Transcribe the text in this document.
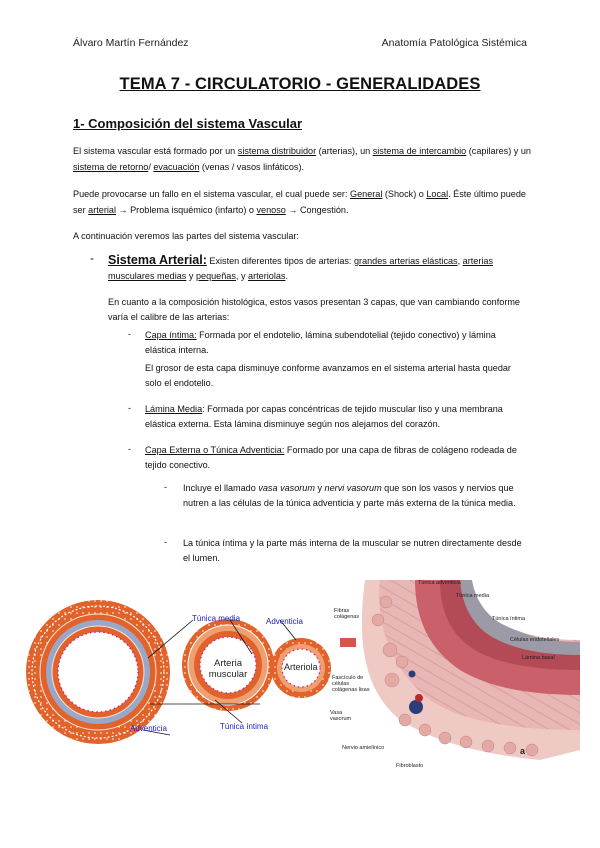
Álvaro Martín Fernández	Anatomía Patológica Sistémica
TEMA 7 - CIRCULATORIO - GENERALIDADES
1- Composición del sistema Vascular
El sistema vascular está formado por un sistema distribuidor (arterias), un sistema de intercambio (capilares) y un sistema de retorno/ evacuación (venas / vasos linfáticos).
Puede provocarse un fallo en el sistema vascular, el cual puede ser: General (Shock) o Local. Éste último puede ser arterial → Problema isquémico (infarto) o venoso → Congestión.
A continuación veremos las partes del sistema vascular:
- Sistema Arterial: Existen diferentes tipos de arterias: grandes arterias elásticas, arterias musculares medias y pequeñas, y arteriolas.
En cuanto a la composición histológica, estos vasos presentan 3 capas, que van cambiando conforme varía el calibre de las arterias:
- Capa íntima: Formada por el endotelio, lámina subendotelial (tejido conectivo) y lámina elástica interna.
El grosor de esta capa disminuye conforme avanzamos en el sistema arterial hasta quedar solo el endotelio.
- Lámina Media: Formada por capas concéntricas de tejido muscular liso y una membrana elástica externa. Esta lámina disminuye según nos alejamos del corazón.
- Capa Externa o Túnica Adventicia: Formado por una capa de fibras de colágeno rodeada de tejido conectivo.
- Incluye el llamado vasa vasorum y nervi vasorum que son los vasos y nervios que nutren a las células de la túnica adventicia y parte más externa de la túnica media.
- La túnica íntima y la parte más interna de la muscular se nutren directamente desde el lumen.
Arteria elástica	Arteria muscular
Arteriola
Túnica media	Adventicia
Adventicia	Túnica íntima
Túnica adventicia
Túnica media
Túnica íntima
Células endoteliales
Lámina basal
Fibras colágenas
Fascículo de células colágenas lisas
Vasa vasorum
Nervio amielínico
Fibroblasto
a
